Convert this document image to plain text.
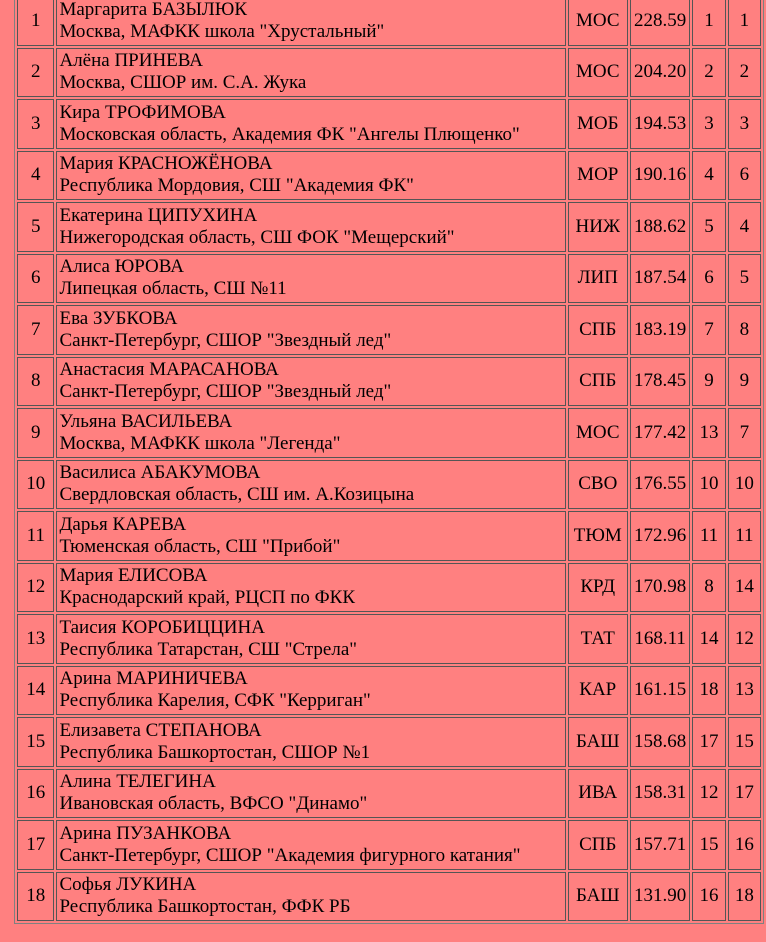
1	Маргарита БАЗЫЛЮК
Москва, МАФКК школа "Хрустальный"	МОС	228.59	1	1
2	Алёна ПРИНЕВА
Москва, СШОР им. С.А. Жука	МОС	204.20	2	2
3	Кира ТРОФИМОВА
Московская область, Академия ФК "Ангелы Плющенко"	МОБ	194.53	3	3
4	Мария КРАСНОЖЁНОВА
Республика Мордовия, СШ "Академия ФК"	МОР	190.16	4	6
5	Екатерина ЦИПУХИНА
Нижегородская область, СШ ФОК "Мещерский"	НИЖ	188.62	5	4
6	Алиса ЮРОВА
Липецкая область, СШ №11	ЛИП	187.54	6	5
7	Ева ЗУБКОВА
Санкт-Петербург, СШОР "Звездный лед"	СПБ	183.19	7	8
8	Анастасия МАРАСАНОВА
Санкт-Петербург, СШОР "Звездный лед"	СПБ	178.45	9	9
9	Ульяна ВАСИЛЬЕВА
Москва, МАФКК школа "Легенда"	МОС	177.42	13	7
10	Василиса АБАКУМОВА
Свердловская область, СШ им. А.Козицына	СВО	176.55	10	10
11	Дарья КАРЕВА
Тюменская область, СШ "Прибой"	ТЮМ	172.96	11	11
12	Мария ЕЛИСОВА
Краснодарский край, РЦСП по ФКК	КРД	170.98	8	14
13	Таисия КОРОБИЦЦИНА
Республика Татарстан, СШ "Стрела"	ТАТ	168.11	14	12
14	Арина МАРИНИЧЕВА
Республика Карелия, СФК "Керриган"	КАР	161.15	18	13
15	Елизавета СТЕПАНОВА
Республика Башкортостан, СШОР №1	БАШ	158.68	17	15
16	Алина ТЕЛЕГИНА
Ивановская область, ВФСО "Динамо"	ИВА	158.31	12	17
17	Арина ПУЗАНКОВА
Санкт-Петербург, СШОР "Академия фигурного катания"	СПБ	157.71	15	16
18	Софья ЛУКИНА
Республика Башкортостан, ФФК РБ	БАШ	131.90	16	18
